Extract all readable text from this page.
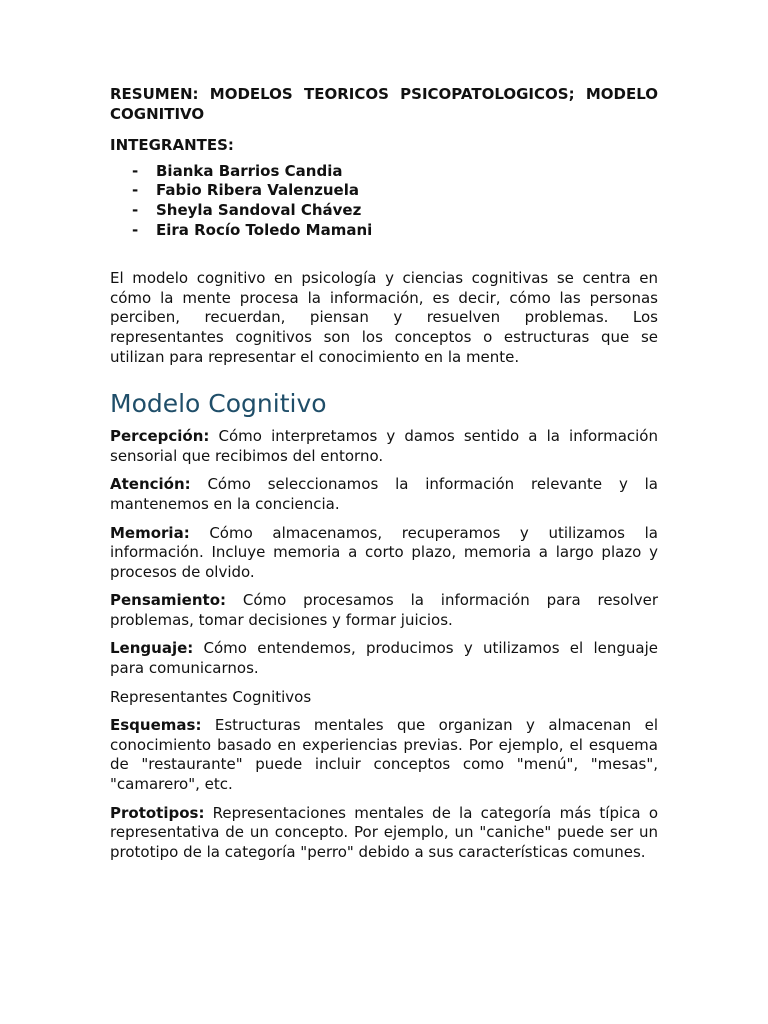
RESUMEN: MODELOS TEORICOS PSICOPATOLOGICOS; MODELO COGNITIVO

INTEGRANTES:

- Bianka Barrios Candia
- Fabio Ribera Valenzuela
- Sheyla Sandoval Chávez
- Eira Rocío Toledo Mamani

El modelo cognitivo en psicología y ciencias cognitivas se centra en cómo la mente procesa la información, es decir, cómo las personas perciben, recuerdan, piensan y resuelven problemas. Los representantes cognitivos son los conceptos o estructuras que se utilizan para representar el conocimiento en la mente.

Modelo Cognitivo

Percepción: Cómo interpretamos y damos sentido a la información sensorial que recibimos del entorno.

Atención: Cómo seleccionamos la información relevante y la mantenemos en la conciencia.

Memoria: Cómo almacenamos, recuperamos y utilizamos la información. Incluye memoria a corto plazo, memoria a largo plazo y procesos de olvido.

Pensamiento: Cómo procesamos la información para resolver problemas, tomar decisiones y formar juicios.

Lenguaje: Cómo entendemos, producimos y utilizamos el lenguaje para comunicarnos.

Representantes Cognitivos

Esquemas: Estructuras mentales que organizan y almacenan el conocimiento basado en experiencias previas. Por ejemplo, el esquema de "restaurante" puede incluir conceptos como "menú", "mesas", "camarero", etc.

Prototipos: Representaciones mentales de la categoría más típica o representativa de un concepto. Por ejemplo, un "caniche" puede ser un prototipo de la categoría "perro" debido a sus características comunes.
